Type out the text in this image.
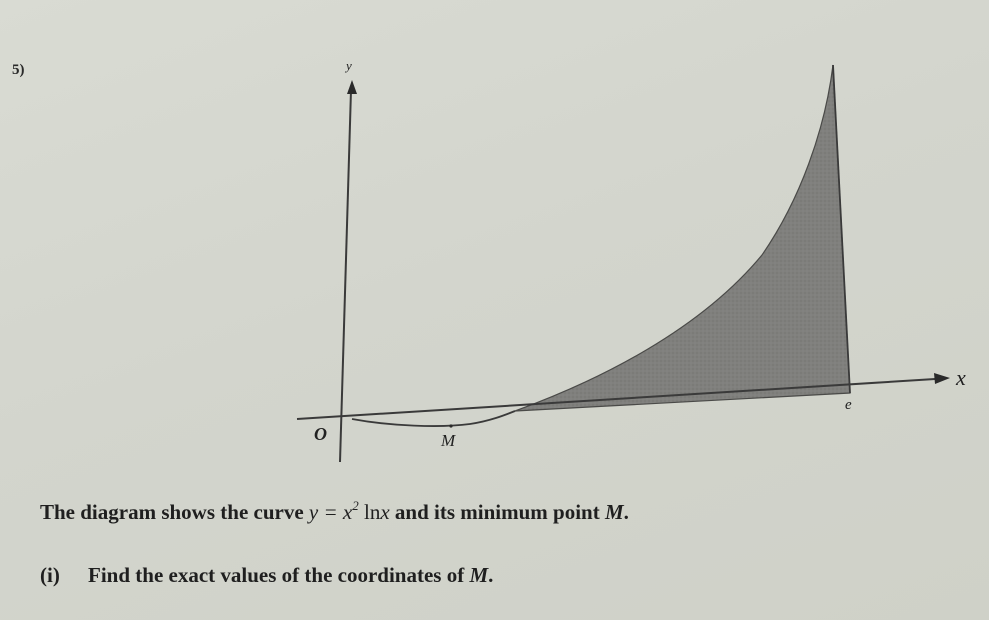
5)	y
x
O	M
e
The diagram shows the curve $y = x^2$ lnx and its minimum point M.
(i) Find the exact values of the coordinates of M.
